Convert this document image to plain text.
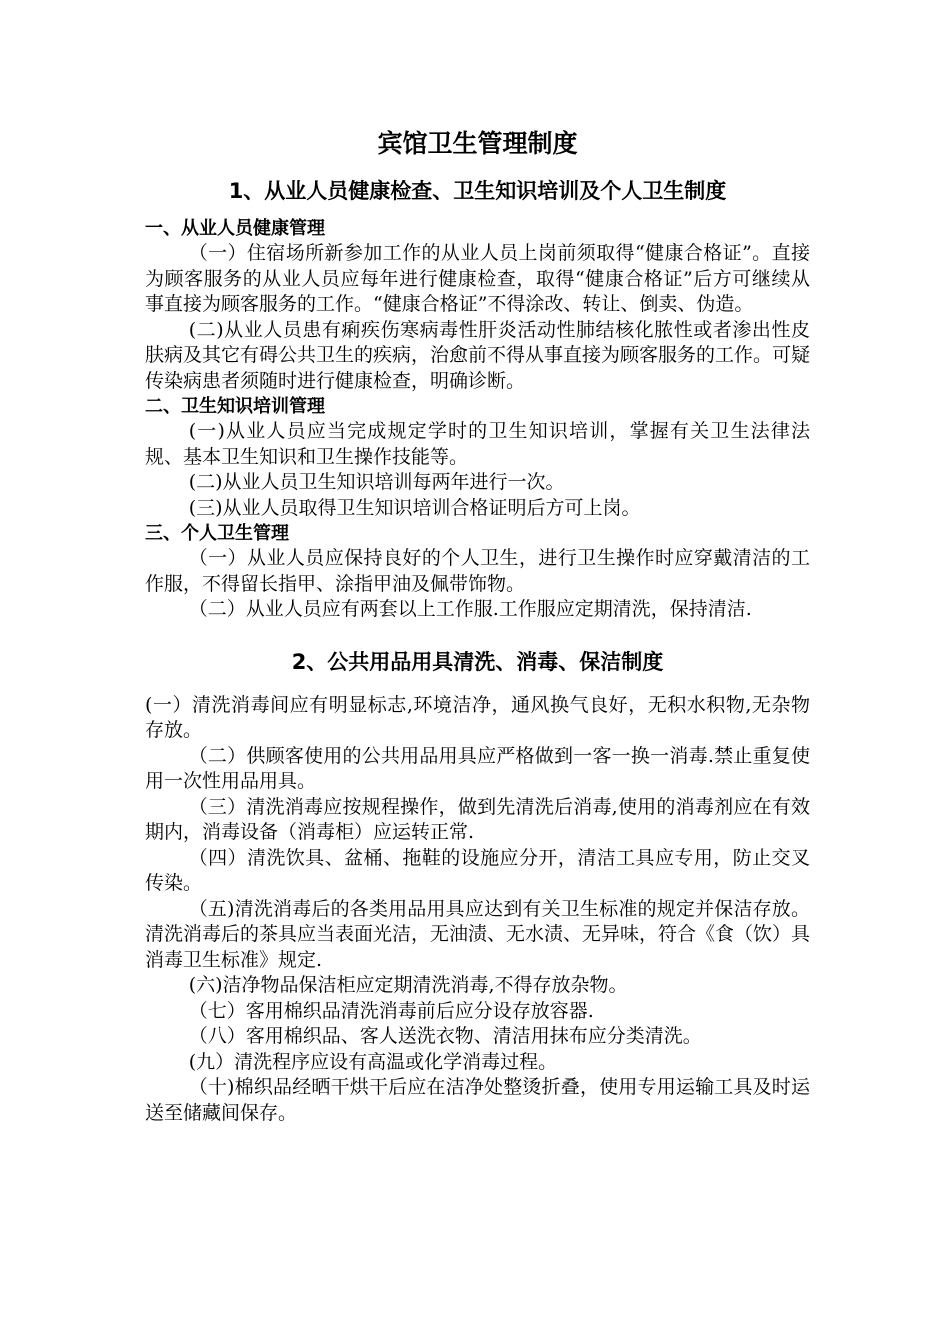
宾馆卫生管理制度
1、从业人员健康检查、卫生知识培训及个人卫生制度
一、从业人员健康管理

（一）住宿场所新参加工作的从业人员上岗前须取得“健康合格证”。直接为顾客服务的从业人员应每年进行健康检查，取得“健康合格证”后方可继续从事直接为顾客服务的工作。“健康合格证”不得涂改、转让、倒卖、伪造。

(二)从业人员患有痢疾伤寒病毒性肝炎活动性肺结核化脓性或者渗出性皮肤病及其它有碍公共卫生的疾病，治愈前不得从事直接为顾客服务的工作。可疑传染病患者须随时进行健康检查，明确诊断。

二、卫生知识培训管理

(一)从业人员应当完成规定学时的卫生知识培训，掌握有关卫生法律法规、基本卫生知识和卫生操作技能等。

(二)从业人员卫生知识培训每两年进行一次。

(三)从业人员取得卫生知识培训合格证明后方可上岗。

三、个人卫生管理

（一）从业人员应保持良好的个人卫生，进行卫生操作时应穿戴清洁的工作服，不得留长指甲、涂指甲油及佩带饰物。

（二）从业人员应有两套以上工作服.工作服应定期清洗，保持清洁.

2、公共用品用具清洗、消毒、保洁制度

(一）清洗消毒间应有明显标志,环境洁净，通风换气良好，无积水积物,无杂物存放。

（二）供顾客使用的公共用品用具应严格做到一客一换一消毒.禁止重复使用一次性用品用具。

（三）清洗消毒应按规程操作，做到先清洗后消毒,使用的消毒剂应在有效期内，消毒设备（消毒柜）应运转正常.

（四）清洗饮具、盆桶、拖鞋的设施应分开，清洁工具应专用，防止交叉传染。

（五)清洗消毒后的各类用品用具应达到有关卫生标准的规定并保洁存放。清洗消毒后的茶具应当表面光洁，无油渍、无水渍、无异味，符合《食（饮）具消毒卫生标准》规定.

(六)洁净物品保洁柜应定期清洗消毒,不得存放杂物。

（七）客用棉织品清洗消毒前后应分设存放容器.

（八）客用棉织品、客人送洗衣物、清洁用抹布应分类清洗。

(九）清洗程序应设有高温或化学消毒过程。

（十)棉织品经晒干烘干后应在洁净处整烫折叠，使用专用运输工具及时运送至储藏间保存。
